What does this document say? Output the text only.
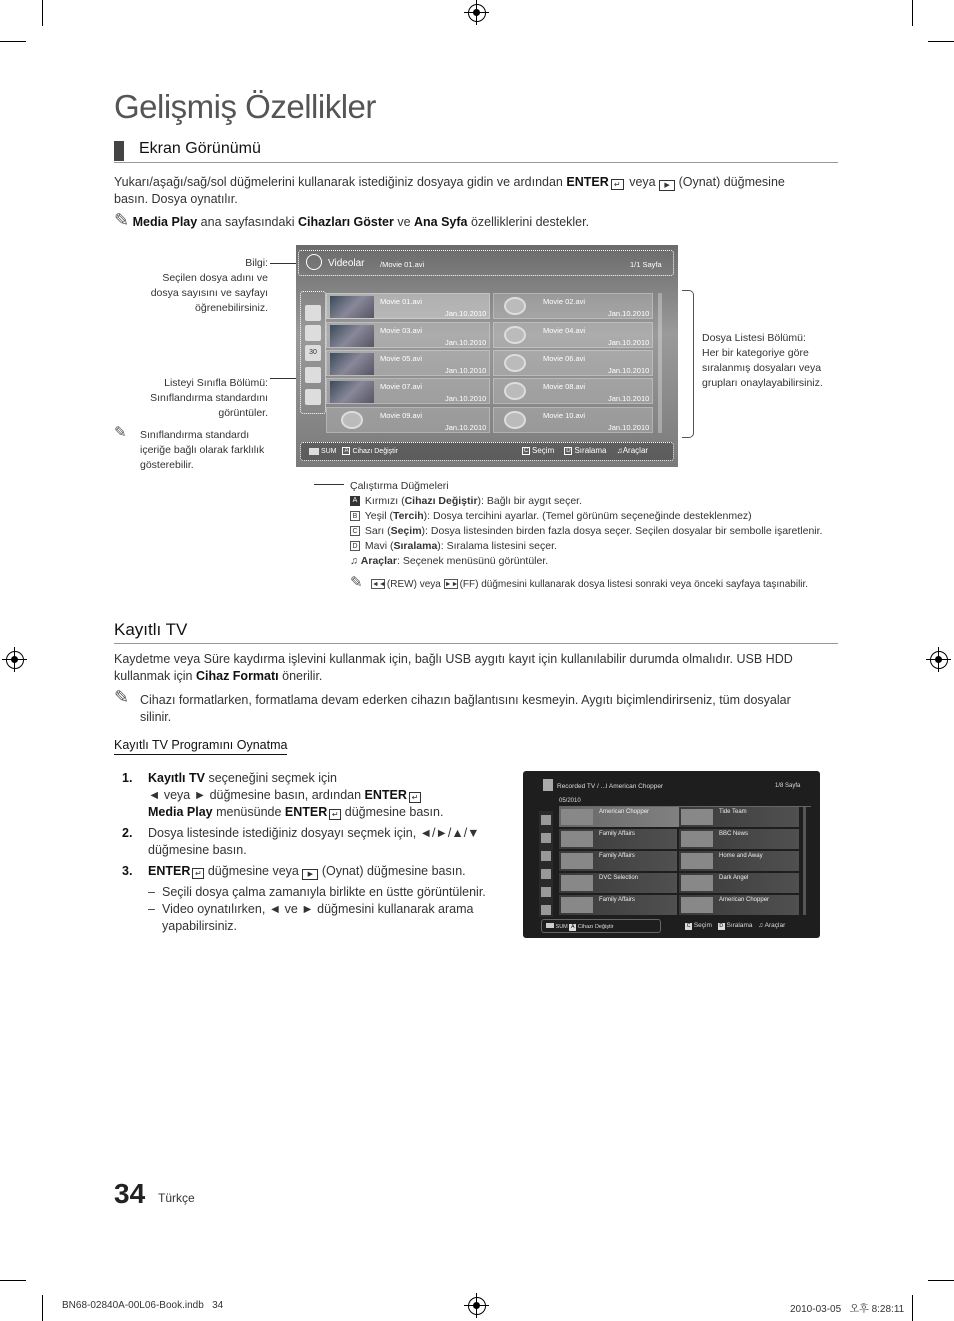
Gelişmiş Özellikler
Ekran Görünümü
Yukarı/aşağı/sağ/sol düğmelerini kullanarak istediğiniz dosyaya gidin ve ardından ENTER ↵ veya ▶ (Oynat) düğmesine
basın. Dosya oynatılır.
✎ Media Play ana sayfasındaki Cihazları Göster ve Ana Syfa özelliklerini destekler.
Bilgi:
Seçilen dosya adını ve
dosya sayısını ve sayfayı
öğrenebilirsiniz.
Listeyi Sınıfla Bölümü:
Sınıflandırma standardını
görüntüler.
✎ Sınıflandırma standardı
içeriğe bağlı olarak farklılık
gösterebilir.
Dosya Listesi Bölümü:
Her bir kategoriye göre
sıralanmış dosyaları veya
grupları onaylayabilirsiniz.
Videolar /Movie 01.avi	1/1 Sayfa
30
Movie 01.avi
Jan.10.2010
Movie 02.avi
Jan.10.2010
Movie 03.avi
Jan.10.2010
Movie 04.avi
Jan.10.2010
Movie 05.avi
Jan.10.2010
Movie 06.avi
Jan.10.2010
Movie 07.avi
Jan.10.2010
Movie 08.avi
Jan.10.2010
Movie 09.avi
Jan.10.2010
Movie 10.avi
Jan.10.2010
SUM A Cihazı Değiştir	C Seçim D Sıralama ♫Araçlar
Çalıştırma Düğmeleri
A Kırmızı (Cihazı Değiştir): Bağlı bir aygıt seçer.
B Yeşil (Tercih): Dosya tercihini ayarlar. (Temel görünüm seçeneğinde desteklenmez)
C Sarı (Seçim): Dosya listesinden birden fazla dosya seçer. Seçilen dosyalar bir sembolle işaretlenir.
D Mavi (Sıralama): Sıralama listesini seçer.
♫ Araçlar: Seçenek menüsünü görüntüler.
✎ ◄◄(REW) veya ►►(FF) düğmesini kullanarak dosya listesi sonraki veya önceki sayfaya taşınabilir.
Kayıtlı TV
Kaydetme veya Süre kaydırma işlevini kullanmak için, bağlı USB aygıtı kayıt için kullanılabilir durumda olmalıdır. USB HDD
kullanmak için Cihaz Formatı önerilir.
✎ Cihazı formatlarken, formatlama devam ederken cihazın bağlantısını kesmeyin. Aygıtı biçimlendirirseniz, tüm dosyalar
silinir.
Kayıtlı TV Programını Oynatma
1. Kayıtlı TV seçeneğini seçmek için
◄ veya ► düğmesine basın, ardından ENTER ↵
Media Play menüsünde ENTER ↵ düğmesine basın.
2. Dosya listesinde istediğiniz dosyayı seçmek için, ◄/►/▲/▼
düğmesine basın.
3. ENTER ↵ düğmesine veya ▶ (Oynat) düğmesine basın.
– Seçili dosya çalma zamanıyla birlikte en üstte görüntülenir.
– Video oynatılırken, ◄ ve ► düğmesini kullanarak arama
yapabilirsiniz.
Recorded TV / ...l American Chopper	1/8 Sayfa
05/2010
American Chopper	Tide Team
Family Affairs	BBC News
Family Affairs	Home and Away
DVC Selection	Dark Angel
Family Affairs	American Chopper
SUM A Cihazı Değiştir	C Seçim D Sıralama ♫ Araçlar
34 Türkçe
BN68-02840A-00L06-Book.indb   34	2010-03-05   오후 8:28:11
